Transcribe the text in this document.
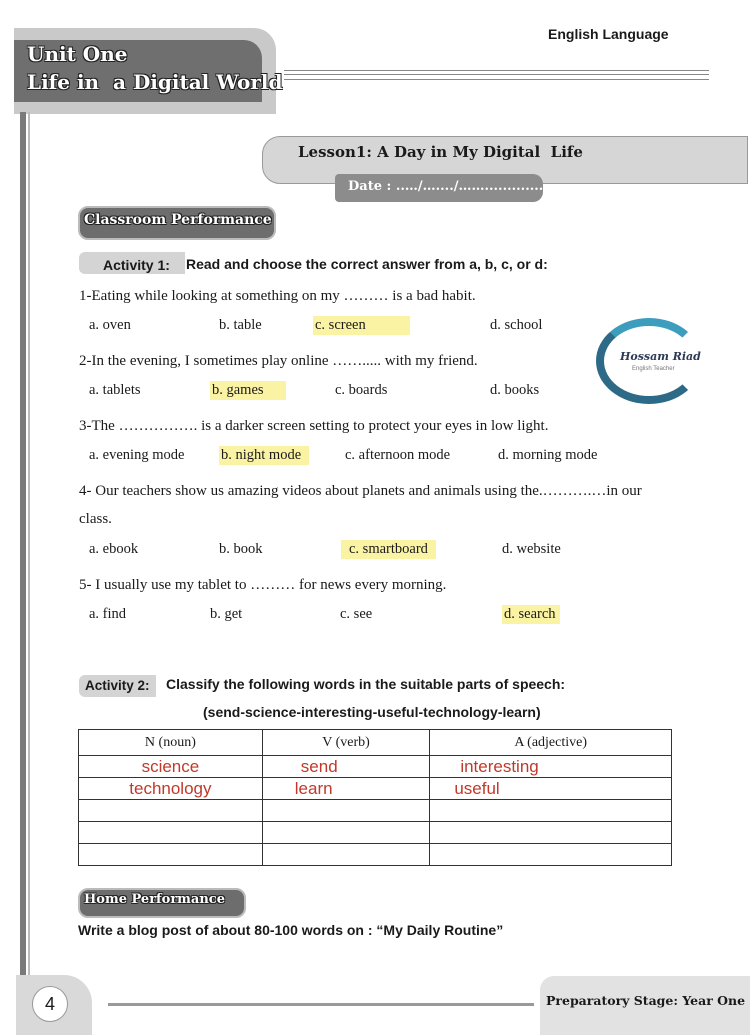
English Language
Unit One
Life in  a Digital World
Lesson1: A Day in My Digital  Life
Date : ..…/…..../……...............
Classroom Performance
Activity 1:	Read and choose the correct answer from a, b, c, or d:
1-Eating while looking at something on my ……… is a bad habit.
a. oven	b. table	c. screen	d. school
2-In the evening, I sometimes play online ……..... with my friend.
a. tablets	b. games	c. boards	d. books
3-The ……………. is a darker screen setting to protect your eyes in low light.
a. evening mode	b. night mode	c. afternoon mode	d. morning mode
4- Our teachers show us amazing videos about planets and animals using the.……….…in our
class.
a. ebook	b. book	c. smartboard	d. website
5- I usually use my tablet to ……… for news every morning.
a. find	b. get	c. see	d. search
Hossam Riad
English Teacher
Activity 2:	Classify the following words in the suitable parts of speech:
(send-science-interesting-useful-technology-learn)
N (noun)	V (verb)	A (adjective)
science	send	interesting
technology	learn	useful

Home Performance
Write a blog post of about 80-100 words on : “My Daily Routine”
4	Preparatory Stage: Year One
